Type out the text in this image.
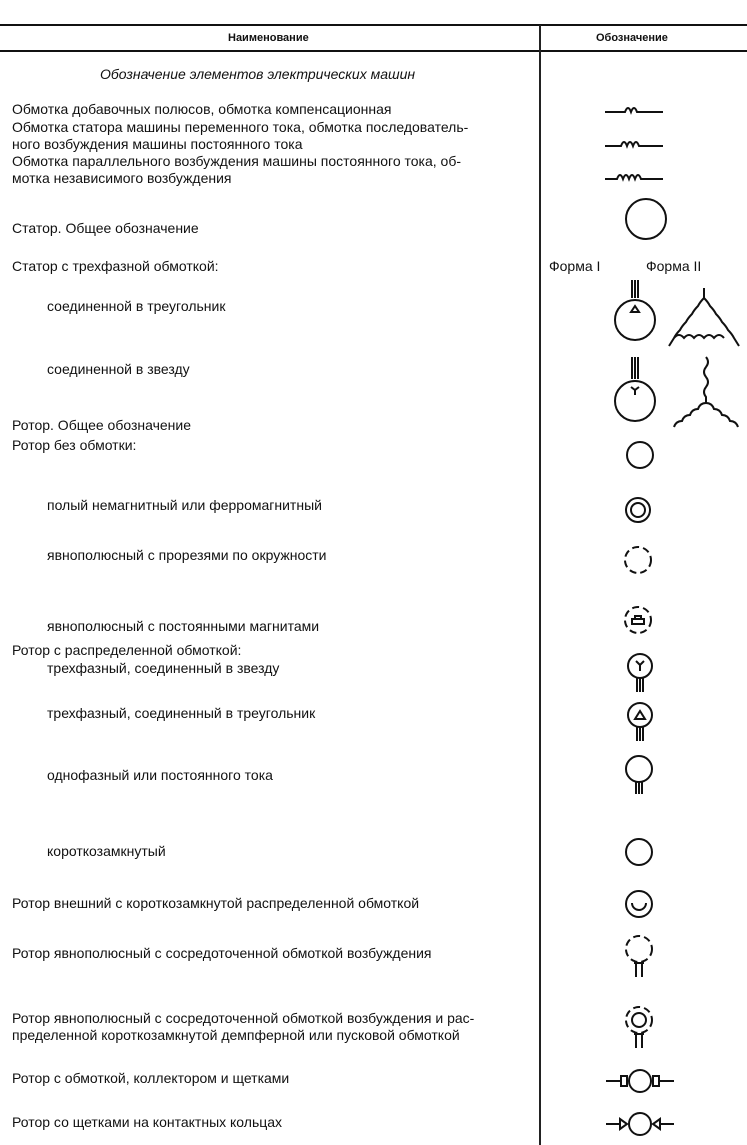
Наименование	Обозначение
Обозначение элементов электрических машин
Обмотка добавочных полюсов, обмотка компенсационная
Обмотка статора машины переменного тока, обмотка последователь-
ного возбуждения машины постоянного тока
Обмотка параллельного возбуждения машины постоянного тока, об-
мотка независимого возбуждения
Статор. Общее обозначение
Статор с трехфазной обмоткой:	Форма I	Форма II
соединенной в треугольник
соединенной в звезду
Ротор. Общее обозначение
Ротор без обмотки:
полый немагнитный или ферромагнитный
явнополюсный с прорезями по окружности
явнополюсный с постоянными магнитами
Ротор с распределенной обмоткой:
трехфазный, соединенный в звезду
трехфазный, соединенный в треугольник
однофазный или постоянного тока
короткозамкнутый
Ротор внешний с короткозамкнутой распределенной обмоткой
Ротор явнополюсный с сосредоточенной обмоткой возбуждения
Ротор явнополюсный с сосредоточенной обмоткой возбуждения и рас-
пределенной короткозамкнутой демпферной или пусковой обмоткой
Ротор с обмоткой, коллектором и щетками
Ротор со щетками на контактных кольцах
